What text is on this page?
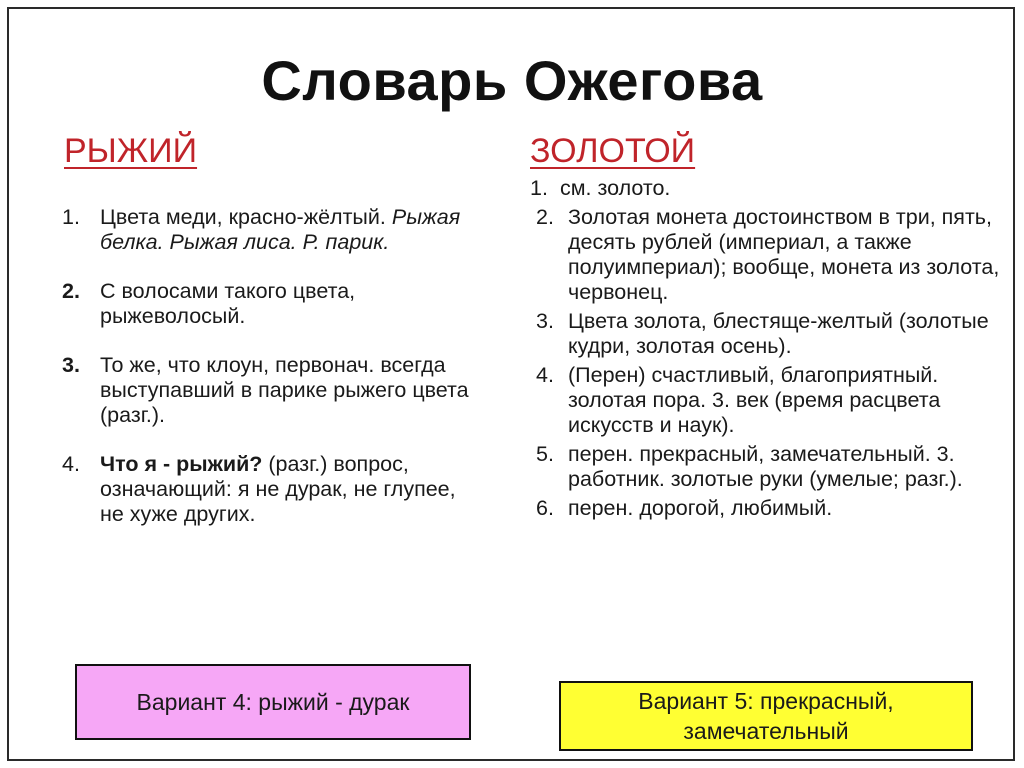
Словарь Ожегова
РЫЖИЙ	ЗОЛОТОЙ
1. Цвета меди, красно-жёлтый. Рыжая белка. Рыжая лиса. Р. парик.
2. С волосами такого цвета, рыжеволосый.
3. То же, что клоун, первонач. всегда выступавший в парике рыжего цвета (разг.).
4. Что я - рыжий? (разг.) вопрос, означающий: я не дурак, не глупее, не хуже других.
1. см. золото.
2. Золотая монета достоинством в три, пять, десять рублей (империал, а также полуимпериал); вообще, монета из золота, червонец.
3. Цвета золота, блестяще-желтый (золотые кудри, золотая осень).
4. (Перен) счастливый, благоприятный. золотая пора. 3. век (время расцвета искусств и наук).
5. перен. прекрасный, замечательный. 3. работник. золотые руки (умелые; разг.).
6. перен. дорогой, любимый.
Вариант 4: рыжий - дурак	Вариант 5: прекрасный,
замечательный
